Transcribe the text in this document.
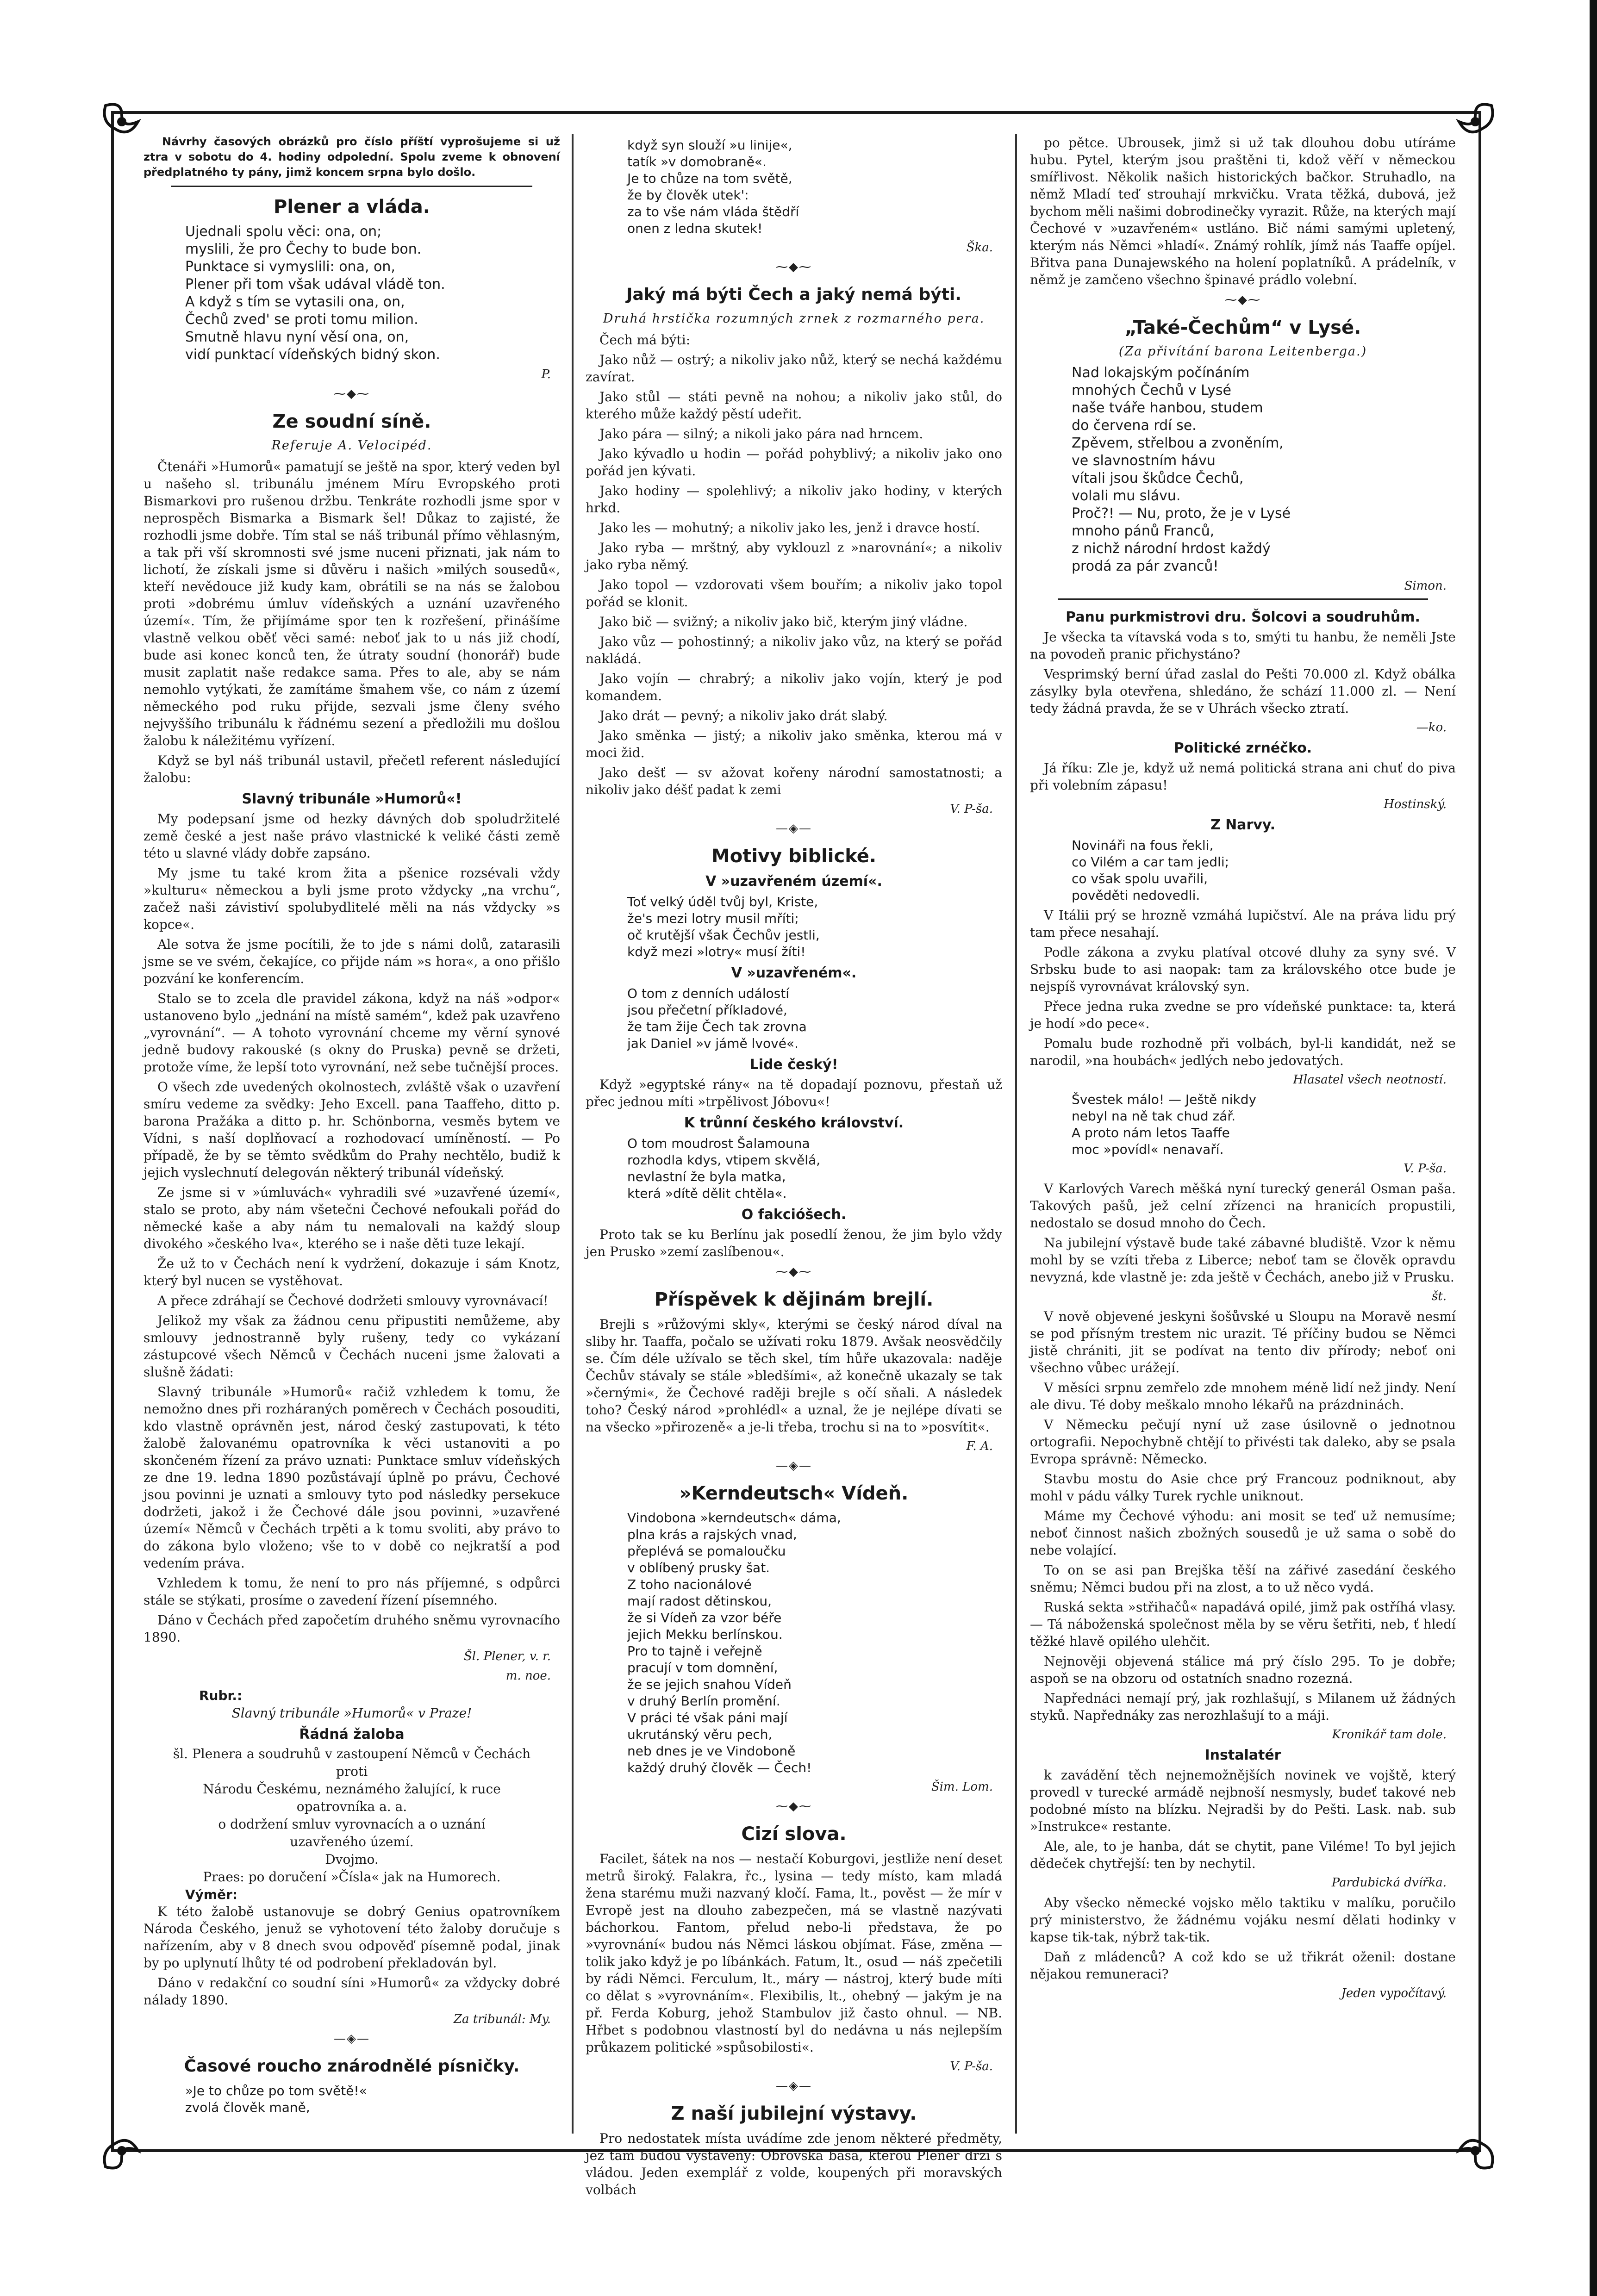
Návrhy časových obrázků pro číslo příští vyprošujeme si už ztra v sobotu do 4. hodiny odpolední. Spolu zveme k obnovení předplatného ty pány, jimž koncem srpna bylo došlo.

Plener a vláda.
Ujednali spolu věci: ona, on;
myslili, že pro Čechy to bude bon.
Punktace si vymyslili: ona, on,
Plener při tom však udával vládě ton.
A když s tím se vytasili ona, on,
Čechů zved' se proti tomu milion.
Smutně hlavu nyní věsí ona, on,
vidí punktací vídeňských bidný skon.
P.
⁓◆⁓
Ze soudní síně.
Referuje A. Velocipéd.

Čtenáři »Humorů« pamatují se ještě na spor, který veden byl u našeho sl. tribunálu jménem Míru Evropského proti Bismarkovi pro rušenou držbu. Tenkráte rozhodli jsme spor v neprospěch Bismarka a Bismark šel! Důkaz to zajisté, že rozhodli jsme dobře. Tím stal se náš tribunál přímo věhlasným, a tak při vší skromnosti své jsme nuceni přiznati, jak nám to lichotí, že získali jsme si důvěru i našich »milých sousedů«, kteří nevědouce již kudy kam, obrátili se na nás se žalobou proti »dobrému úmluv vídeňských a uznání uzavřeného území«. Tím, že přijímáme spor ten k rozřešení, přinášíme vlastně velkou oběť věci samé: neboť jak to u nás již chodí, bude asi konec konců ten, že útraty soudní (honorář) bude musit zaplatit naše redakce sama. Přes to ale, aby se nám nemohlo vytýkati, že zamítáme šmahem vše, co nám z území německého pod ruku přijde, sezvali jsme členy svého nejvyššího tribunálu k řádnému sezení a předložili mu došlou žalobu k náležitému vyřízení.

Když se byl náš tribunál ustavil, přečetl referent následující žalobu:

Slavný tribunále »Humorů«!

My podepsaní jsme od hezky dávných dob spoludržitelé země české a jest naše právo vlastnické k veliké části země této u slavné vlády dobře zapsáno.

My jsme tu také krom žita a pšenice rozsévali vždy »kulturu« německou a byli jsme proto vždycky „na vrchu“, začež naši závistiví spolubydlitelé měli na nás vždycky »s kopce«.

Ale sotva že jsme pocítili, že to jde s námi dolů, zatarasili jsme se ve svém, čekajíce, co přijde nám »s hora«, a ono přišlo pozvání ke konferencím.

Stalo se to zcela dle pravidel zákona, když na náš »odpor« ustanoveno bylo „jednání na místě samém“, kdež pak uzavřeno „vyrovnání“. — A tohoto vyrovnání chceme my věrní synové jedně budovy rakouské (s okny do Pruska) pevně se držeti, protože víme, že lepší toto vyrovnání, než sebe tučnější proces.

O všech zde uvedených okolnostech, zvláště však o uzavření smíru vedeme za svědky: Jeho Excell. pana Taaffeho, ditto p. barona Pražáka a ditto p. hr. Schönborna, vesměs bytem ve Vídni, s naší doplňovací a rozhodovací umíněností. — Po případě, že by se těmto svědkům do Prahy nechtělo, budiž k jejich vyslechnutí delegován některý tribunál vídeňský.

Ze jsme si v »úmluvách« vyhradili své »uzavřené území«, stalo se proto, aby nám všetečni Čechové nefoukali pořád do německé kaše a aby nám tu nemalovali na každý sloup divokého »českého lva«, kterého se i naše děti tuze lekají.

Že už to v Čechách není k vydržení, dokazuje i sám Knotz, který byl nucen se vystěhovat.

A přece zdráhají se Čechové dodržeti smlouvy vyrovnávací!

Jelikož my však za žádnou cenu připustiti nemůžeme, aby smlouvy jednostranně byly rušeny, tedy co vykázaní zástupcové všech Němců v Čechách nuceni jsme žalovati a slušně žádati:

Slavný tribunále »Humorů« račiž vzhledem k tomu, že nemožno dnes při rozháraných poměrech v Čechách posouditi, kdo vlastně oprávněn jest, národ český zastupovati, k této žalobě žalovanému opatrovníka k věci ustanoviti a po skončeném řízení za právo uznati: Punktace smluv vídeňských ze dne 19. ledna 1890 pozůstávají úplně po právu, Čechové jsou povinni je uznati a smlouvy tyto pod následky persekuce dodržeti, jakož i že Čechové dále jsou povinni, »uzavřené území« Němců v Čechách trpěti a k tomu svoliti, aby právo to do zákona bylo vloženo; vše to v době co nejkratší a pod vedením práva.

Vzhledem k tomu, že není to pro nás příjemné, s odpůrci stále se stýkati, prosíme o zavedení řízení písemného.

Dáno v Čechách před započetím druhého sněmu vyrovnacího 1890.

Šl. Plener, v. r.
m. noe.
Rubr.:
Slavný tribunále »Humorů« v Praze!
Řádná žaloba
šl. Plenera a soudruhů v zastoupení Němců v Čechách
proti
Národu Českému, neznámého žalující, k ruce
opatrovníka a. a.
o dodržení smluv vyrovnacích a o uznání
uzavřeného území.
Dvojmo.
Praes: po doručení »Čísla« jak na Humorech.
Výměr:

K této žalobě ustanovuje se dobrý Genius opatrovníkem Národa Českého, jenuž se vyhotovení této žaloby doručuje s nařízením, aby v 8 dnech svou odpověď písemně podal, jinak by po uplynutí lhůty té od podrobení překladován byl.

Dáno v redakční co soudní síni »Humorů« za vždycky dobré nálady 1890.

Za tribunál: My.
—◈—
Časové roucho znárodnělé písničky.
»Je to chůze po tom světě!«
zvolá člověk maně,
když syn slouží »u linije«,
tatík »v domobraně«.
Je to chůze na tom světě,
že by člověk utek':
za to vše nám vláda štědří
onen z ledna skutek!
Ška.
⁓◆⁓
Jaký má býti Čech a jaký nemá býti.
Druhá hrstička rozumných zrnek z rozmarného pera.

Čech má býti:

Jako nůž — ostrý; a nikoliv jako nůž, který se nechá každému zavírat.

Jako stůl — státi pevně na nohou; a nikoliv jako stůl, do kterého může každý pěstí udeřit.

Jako pára — silný; a nikoli jako pára nad hrncem.

Jako kývadlo u hodin — pořád pohyblivý; a nikoliv jako ono pořád jen kývati.

Jako hodiny — spolehlivý; a nikoliv jako hodiny, v kterých hrkd.

Jako les — mohutný; a nikoliv jako les, jenž i dravce hostí.

Jako ryba — mrštný, aby vyklouzl z »narovnání«; a nikoliv jako ryba němý.

Jako topol — vzdorovati všem bouřím; a nikoliv jako topol pořád se klonit.

Jako bič — svižný; a nikoliv jako bič, kterým jiný vládne.

Jako vůz — pohostinný; a nikoliv jako vůz, na který se pořád nakládá.

Jako vojín — chrabrý; a nikoliv jako vojín, který je pod komandem.

Jako drát — pevný; a nikoliv jako drát slabý.

Jako směnka — jistý; a nikoliv jako směnka, kterou má v moci žid.

Jako dešť — sv ažovat kořeny národní samostatnosti; a nikoliv jako déšť padat k zemi

V. P-ša.
—◈—
Motivy biblické.
V »uzavřeném území«.
Toť velký úděl tvůj byl, Kriste,
že's mezi lotry musil mříti;
oč krutější však Čechův jestli,
když mezi »lotry« musí žíti!
V »uzavřeném«.
O tom z denních událostí
jsou přečetní příkladové,
že tam žije Čech tak zrovna
jak Daniel »v jámě lvové«.
Lide český!

Když »egyptské rány« na tě dopadají poznovu, přestaň už přec jednou míti »trpělivost Jóbovu«!

K trůnní českého království.
O tom moudrost Šalamouna
rozhodla kdys, vtipem skvělá,
nevlastní že byla matka,
která »dítě dělit chtěla«.
O fakcióšech.

Proto tak se ku Berlínu jak posedlí ženou, že jim bylo vždy jen Prusko »zemí zaslíbenou«.

⁓◆⁓
Příspěvek k dějinám brejlí.

Brejli s »růžovými skly«, kterými se český národ díval na sliby hr. Taaffa, počalo se užívati roku 1879. Avšak neosvědčily se. Čím déle užívalo se těch skel, tím hůře ukazovala: naděje Čechův stávaly se stále »bledšími«, až konečně ukazaly se tak »černými«, že Čechové raději brejle s očí sňali. A následek toho? Český národ »prohlédl« a uznal, že je nejlépe dívati se na všecko »přirozeně« a je-li třeba, trochu si na to »posvítit«.

F. A.
—◈—
»Kerndeutsch« Vídeň.
Vindobona »kerndeutsch« dáma,
plna krás a rajských vnad,
přeplévá se pomaloučku
v oblíbený prusky šat.
Z toho nacionálové
mají radost dětinskou,
že si Vídeň za vzor béře
jejich Mekku berlínskou.
Pro to tajně i veřejně
pracují v tom domnění,
že se jejich snahou Vídeň
v druhý Berlín promění.
V práci té však páni mají
ukrutánský věru pech,
neb dnes je ve Vindoboně
každý druhý člověk — Čech!
Šim. Lom.
⁓◆⁓
Cizí slova.

Facilet, šátek na nos — nestačí Koburgovi, jestliže není deset metrů široký. Falakra, řc., lysina — tedy místo, kam mladá žena starému muži nazvaný kločí. Fama, lt., pověst — že mír v Evropě jest na dlouho zabezpečen, má se vlastně nazývati báchorkou. Fantom, přelud nebo-li představa, že po »vyrovnání« budou nás Němci láskou objímat. Fáse, změna — tolik jako když je po líbánkách. Fatum, lt., osud — náš zpečetili by rádi Němci. Ferculum, lt., máry — nástroj, který bude míti co dělat s »vyrovnáním«. Flexibilis, lt., ohebný — jakým je na př. Ferda Koburg, jehož Stambulov již často ohnul. — NB. Hřbet s podobnou vlastností byl do nedávna u nás nejlepším průkazem politické »spůsobilosti«.

V. P-ša.
—◈—
Z naší jubilejní výstavy.

Pro nedostatek místa uvádíme zde jenom některé předměty, jež tam budou vystaveny: Obrovská basa, kterou Plener drží s vládou. Jeden exemplář z volde, koupených při moravských volbách

po pětce. Ubrousek, jimž si už tak dlouhou dobu utíráme hubu. Pytel, kterým jsou praštěni ti, kdož věří v německou smířlivost. Několik našich historických bačkor. Struhadlo, na němž Mladí teď strouhají mrkvičku. Vrata těžká, dubová, jež bychom měli našimi dobrodinečky vyrazit. Růže, na kterých mají Čechové v »uzavřeném« ustláno. Bič námi samými upletený, kterým nás Němci »hladí«. Známý rohlík, jímž nás Taaffe opíjel. Břitva pana Dunajewského na holení poplatníků. A prádelník, v němž je zamčeno všechno špinavé prádlo volební.

⁓◆⁓
„Také-Čechům“ v Lysé.
(Za přivítání barona Leitenberga.)
Nad lokajským počínáním
mnohých Čechů v Lysé
naše tváře hanbou, studem
do červena rdí se.
Zpěvem, střelbou a zvoněním,
ve slavnostním hávu
vítali jsou škůdce Čechů,
volali mu slávu.
Proč?! — Nu, proto, že je v Lysé
mnoho pánů Franců,
z nichž národní hrdost každý
prodá za pár zvanců!
Simon.
Panu purkmistrovi dru. Šolcovi a soudruhům.

Je všecka ta vítavská voda s to, smýti tu hanbu, že neměli Jste na povodeň pranic přichystáno?

Vesprimský berní úřad zaslal do Pešti 70.000 zl. Když obálka zásylky byla otevřena, shledáno, že schází 11.000 zl. — Není tedy žádná pravda, že se v Uhrách všecko ztratí.

—ko.
Politické zrnéčko.

Já říku: Zle je, když už nemá politická strana ani chuť do piva při volebním zápasu!

Hostinský.
Z Narvy.
Novináři na fous řekli,
co Vilém a car tam jedli;
co však spolu uvařili,
pověděti nedovedli.

V Itálii prý se hrozně vzmáhá lupičství. Ale na práva lidu prý tam přece nesahají.

Podle zákona a zvyku platíval otcové dluhy za syny své. V Srbsku bude to asi naopak: tam za královského otce bude je nejspíš vyrovnávat královský syn.

Přece jedna ruka zvedne se pro vídeňské punktace: ta, která je hodí »do pece«.

Pomalu bude rozhodně při volbách, byl-li kandidát, než se narodil, »na houbách« jedlých nebo jedovatých.

Hlasatel všech neotností.
Švestek málo! — Ještě nikdy
nebyl na ně tak chud zář.
A proto nám letos Taaffe
moc »povídl« nenavaří.
V. P-ša.

V Karlových Varech měšká nyní turecký generál Osman paša. Takových pašů, jež celní zřízenci na hranicích propustili, nedostalo se dosud mnoho do Čech.

Na jubilejní výstavě bude také zábavné bludiště. Vzor k němu mohl by se vzíti třeba z Liberce; neboť tam se člověk opravdu nevyzná, kde vlastně je: zda ještě v Čechách, anebo již v Prusku.

št.

V nově objevené jeskyni šošůvské u Sloupu na Moravě nesmí se pod přísným trestem nic urazit. Té příčiny budou se Němci jistě chrániti, jit se podívat na tento div přírody; neboť oni všechno vůbec urážejí.

V měsíci srpnu zemřelo zde mnohem méně lidí než jindy. Není ale divu. Té doby meškalo mnoho lékařů na prázdninách.

V Německu pečují nyní už zase úsilovně o jednotnou ortografii. Nepochybně chtějí to přivésti tak daleko, aby se psala Evropa správně: Německo.

Stavbu mostu do Asie chce prý Francouz podniknout, aby mohl v pádu války Turek rychle uniknout.

Máme my Čechové výhodu: ani mosit se teď už nemusíme; neboť činnost našich zbožných sousedů je už sama o sobě do nebe volající.

To on se asi pan Brejška těší na zářivé zasedání českého sněmu; Němci budou při na zlost, a to už něco vydá.

Ruská sekta »střihačů« napadává opilé, jimž pak ostříhá vlasy. — Tá náboženská společnost měla by se věru šetřiti, neb, ť hledí těžké hlavě opilého ulehčit.

Nejnověji objevená stálice má prý číslo 295. To je dobře; aspoň se na obzoru od ostatních snadno rozezná.

Napřednáci nemají prý, jak rozhlašují, s Milanem už žádných styků. Napřednáky zas nerozhlašují to a máji.

Kronikář tam dole.
Instalatér

k zavádění těch nejnemožnějších novinek ve vojště, který provedl v turecké armádě nejbnoší nesmysly, budeť takové neb podobné místo na blízku. Nejradši by do Pešti. Lask. nab. sub »Instrukce« restante.

Ale, ale, to je hanba, dát se chytit, pane Viléme! To byl jejich dědeček chytřejší: ten by nechytil.

Pardubická dvířka.

Aby všecko německé vojsko mělo taktiku v malíku, poručilo prý ministerstvo, že žádnému vojáku nesmí dělati hodinky v kapse tik-tak, nýbrž tak-tik.

Daň z mládenců? A což kdo se už třikrát oženil: dostane nějakou remuneraci?

Jeden vypočítavý.
